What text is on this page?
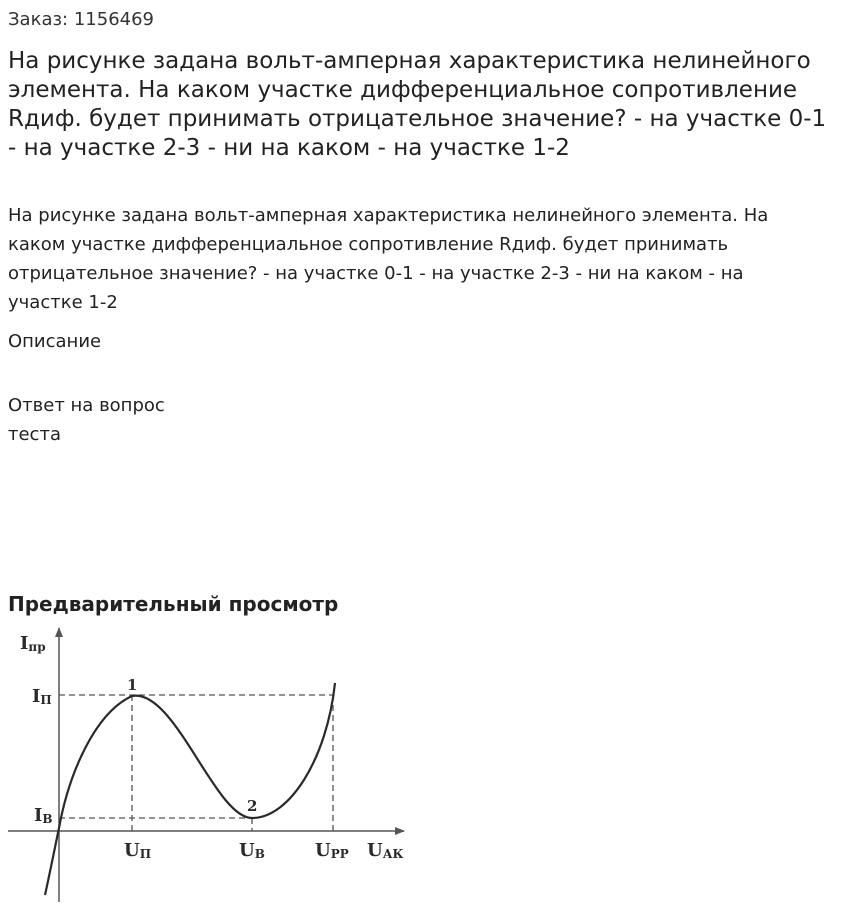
Заказ: 1156469
На рисунке задана вольт-амперная характеристика нелинейного элемента. На каком участке дифференциальное сопротивление Rдиф. будет принимать отрицательное значение? - на участке 0-1 - на участке 2-3 - ни на каком - на участке 1-2

На рисунке задана вольт-амперная характеристика нелинейного элемента. На каком участке дифференциальное сопротивление Rдиф. будет принимать отрицательное значение? - на участке 0-1 - на участке 2-3 - ни на каком - на участке 1-2

Описание
Ответ на вопрос теста
Предварительный просмотр
Iпр
UАК
IП
IВ
UП	UВ	UРР
1
2
